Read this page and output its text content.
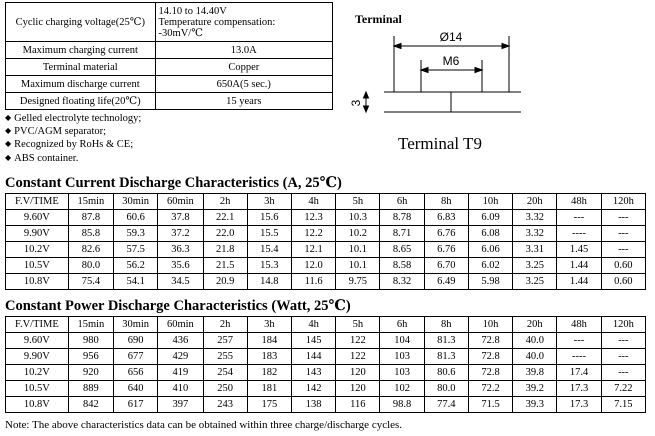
Cyclic charging voltage(25℃)	14.10 to 14.40V
Temperature compensation:
-30mV/℃

Maximum charging current	13.0A
Terminal material	Copper
Maximum discharge current	650A(5 sec.)
Designed floating life(20℃)	15 years
◆ Gelled electrolyte technology;
◆ PVC/AGM separator;
◆ Recognized by RoHs & CE;
◆ ABS container.
Terminal
Ø14
M6
3
Terminal T9
Constant Current Discharge Characteristics (A, 25℃)
F.V/TIME	15min	30min	60min	2h	3h	4h	5h	6h	8h	10h	20h	48h	120h
9.60V	87.8	60.6	37.8	22.1	15.6	12.3	10.3	8.78	6.83	6.09	3.32	---	---
9.90V	85.8	59.3	37.2	22.0	15.5	12.2	10.2	8.71	6.76	6.08	3.32	----	---
10.2V	82.6	57.5	36.3	21.8	15.4	12.1	10.1	8.65	6.76	6.06	3.31	1.45	---
10.5V	80.0	56.2	35.6	21.5	15.3	12.0	10.1	8.58	6.70	6.02	3.25	1.44	0.60
10.8V	75.4	54.1	34.5	20.9	14.8	11.6	9.75	8.32	6.49	5.98	3.25	1.44	0.60
Constant Power Discharge Characteristics (Watt, 25℃)
F.V/TIME	15min	30min	60min	2h	3h	4h	5h	6h	8h	10h	20h	48h	120h
9.60V	980	690	436	257	184	145	122	104	81.3	72.8	40.0	---	---
9.90V	956	677	429	255	183	144	122	103	81.3	72.8	40.0	----	---
10.2V	920	656	419	254	182	143	120	103	80.6	72.8	39.8	17.4	---
10.5V	889	640	410	250	181	142	120	102	80.0	72.2	39.2	17.3	7.22
10.8V	842	617	397	243	175	138	116	98.8	77.4	71.5	39.3	17.3	7.15

Note: The above characteristics data can be obtained within three charge/discharge cycles.
